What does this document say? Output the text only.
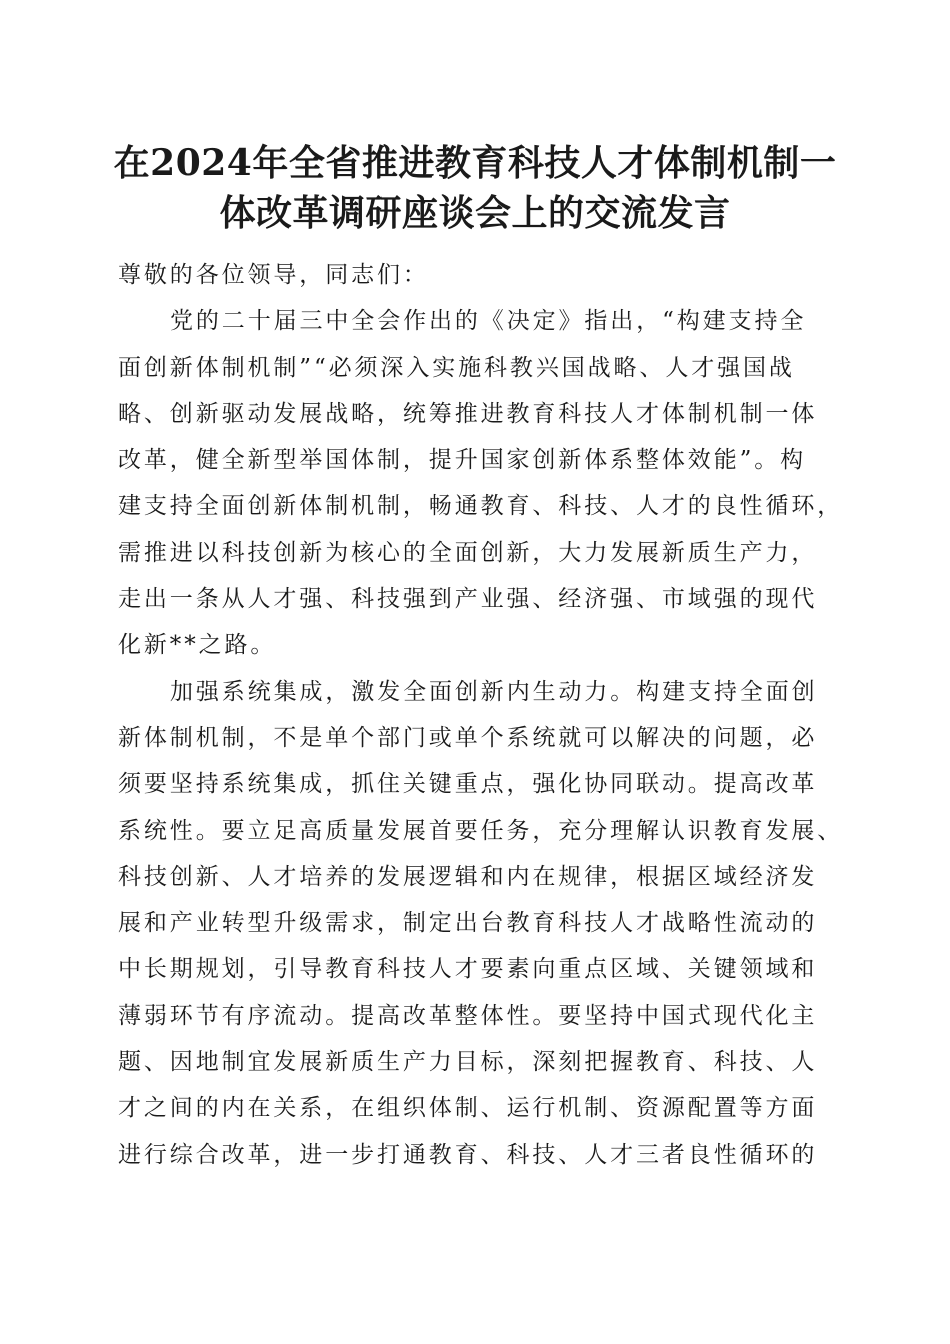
在2024年全省推进教育科技人才体制机制一
体改革调研座谈会上的交流发言
尊敬的各位领导，同志们：
党的二十届三中全会作出的《决定》指出，“构建支持全
面创新体制机制”“必须深入实施科教兴国战略、人才强国战
略、创新驱动发展战略，统筹推进教育科技人才体制机制一体
改革，健全新型举国体制，提升国家创新体系整体效能”。构
建支持全面创新体制机制，畅通教育、科技、人才的良性循环，
需推进以科技创新为核心的全面创新，大力发展新质生产力，
走出一条从人才强、科技强到产业强、经济强、市域强的现代
化新**之路。
加强系统集成，激发全面创新内生动力。构建支持全面创
新体制机制，不是单个部门或单个系统就可以解决的问题，必
须要坚持系统集成，抓住关键重点，强化协同联动。提高改革
系统性。要立足高质量发展首要任务，充分理解认识教育发展、
科技创新、人才培养的发展逻辑和内在规律，根据区域经济发
展和产业转型升级需求，制定出台教育科技人才战略性流动的
中长期规划，引导教育科技人才要素向重点区域、关键领域和
薄弱环节有序流动。提高改革整体性。要坚持中国式现代化主
题、因地制宜发展新质生产力目标，深刻把握教育、科技、人
才之间的内在关系，在组织体制、运行机制、资源配置等方面
进行综合改革，进一步打通教育、科技、人才三者良性循环的
